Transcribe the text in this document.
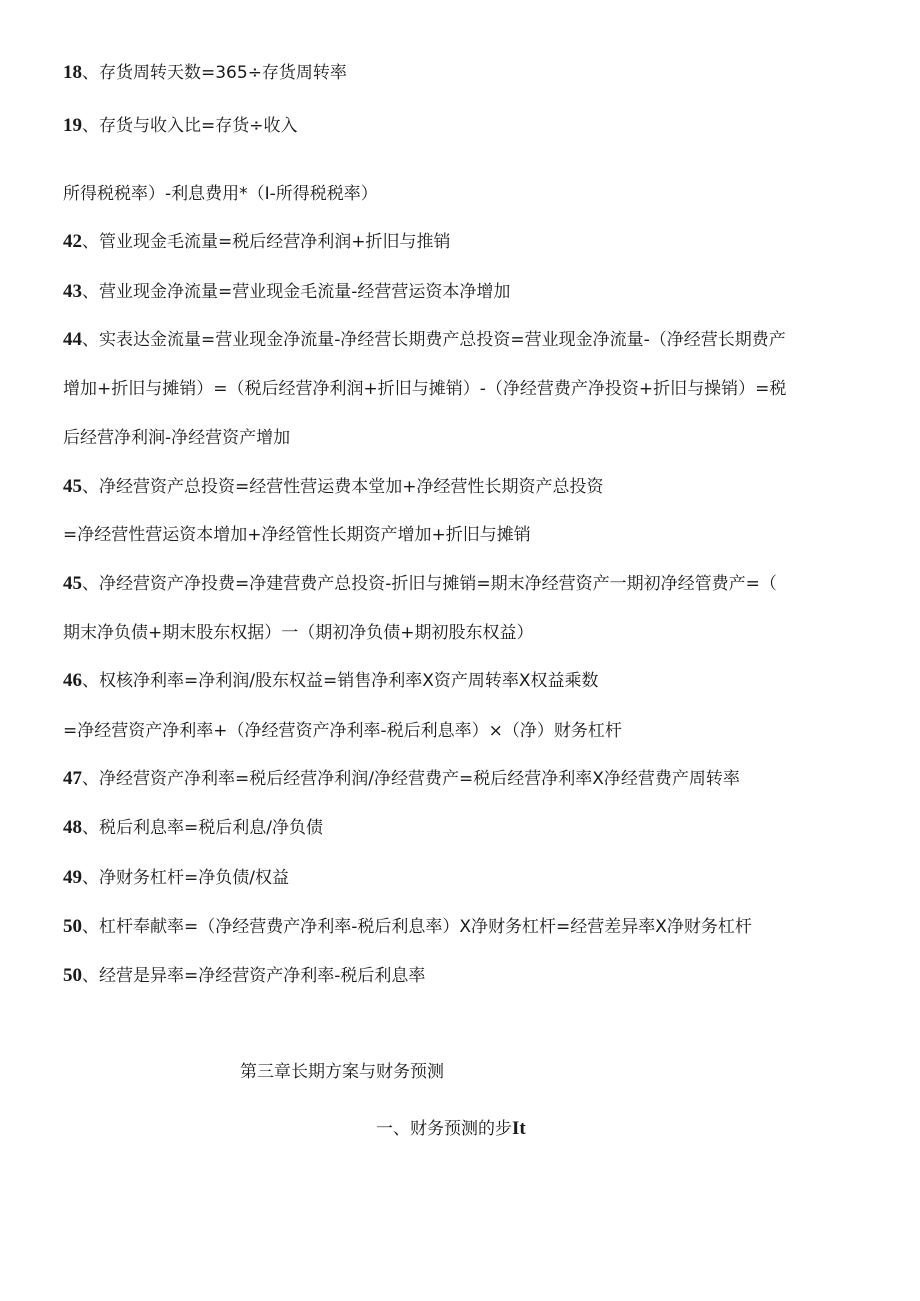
18、存货周转天数=365÷存货周转率
19、存货与收入比=存货÷收入
所得税税率）-利息费用*（I-所得税税率）
42、管业现金毛流量=税后经营净利润+折旧与推销
43、营业现金净流量=营业现金毛流量-经营营运资本净增加
44、实表达金流量=营业现金净流量-净经营长期费产总投资=营业现金净流量-（净经营长期费产
增加+折旧与摊销）=（税后经营净利润+折旧与摊销）-（净经营费产净投资+折旧与操销）=税
后经营净利涧-净经营资产增加
45、净经营资产总投资=经营性营运费本堂加+净经营性长期资产总投资
=净经营性营运资本增加+净经管性长期资产增加+折旧与摊销
45、净经营资产净投费=净建营费产总投资-折旧与摊销=期末净经营资产一期初净经管费产=（
期末净负债+期末股东权据）一（期初净负债+期初股东权益）
46、权核净利率=净利润/股东权益=销售净利率X资产周转率X权益乘数
=净经营资产净利率+（净经营资产净利率-税后利息率）×（净）财务杠杆
47、净经营资产净利率=税后经营净利润/净经营费产=税后经营净利率X净经营费产周转率
48、税后利息率=税后利息/净负债
49、净财务杠杆=净负债/权益
50、杠杆奉献率=（净经营费产净利率-税后利息率）X净财务杠杆=经营差异率X净财务杠杆
50、经营是异率=净经营资产净利率-税后利息率
第三章长期方案与财务预测
一、财务预测的步It
